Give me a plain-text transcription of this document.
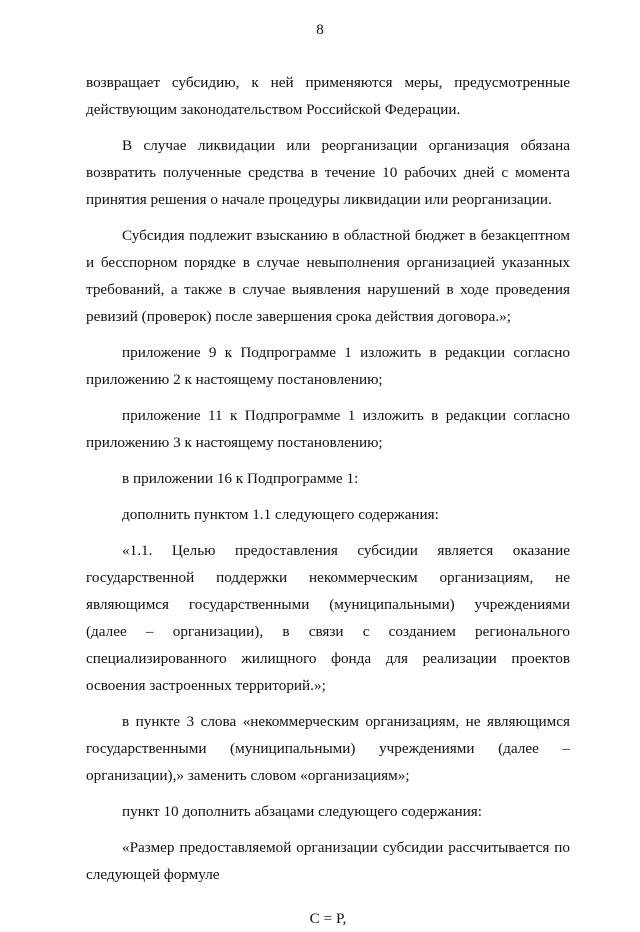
8
возвращает субсидию, к ней применяются меры, предусмотренные
действующим законодательством Российской Федерации.
В случае ликвидации или реорганизации организация обязана
возвратить полученные средства в течение 10 рабочих дней с момента
принятия решения о начале процедуры ликвидации или реорганизации.
Субсидия подлежит взысканию в областной бюджет в безакцептном
и бесспорном порядке в случае невыполнения организацией указанных
требований, а также в случае выявления нарушений в ходе проведения
ревизий (проверок) после завершения срока действия договора.»;
приложение 9 к Подпрограмме 1 изложить в редакции согласно
приложению 2 к настоящему постановлению;
приложение 11 к Подпрограмме 1 изложить в редакции согласно
приложению 3 к настоящему постановлению;
в приложении 16 к Подпрограмме 1:
дополнить пунктом 1.1 следующего содержания:
«1.1. Целью предоставления субсидии является оказание
государственной поддержки некоммерческим организациям, не
являющимся государственными (муниципальными) учреждениями
(далее – организации), в связи с созданием регионального
специализированного жилищного фонда для реализации проектов
освоения застроенных территорий.»;
в пункте 3 слова «некоммерческим организациям, не являющимся
государственными (муниципальными) учреждениями (далее –
организации),» заменить словом «организациям»;
пункт 10 дополнить абзацами следующего содержания:
«Размер предоставляемой организации субсидии рассчитывается по
следующей формуле
С = Р,
